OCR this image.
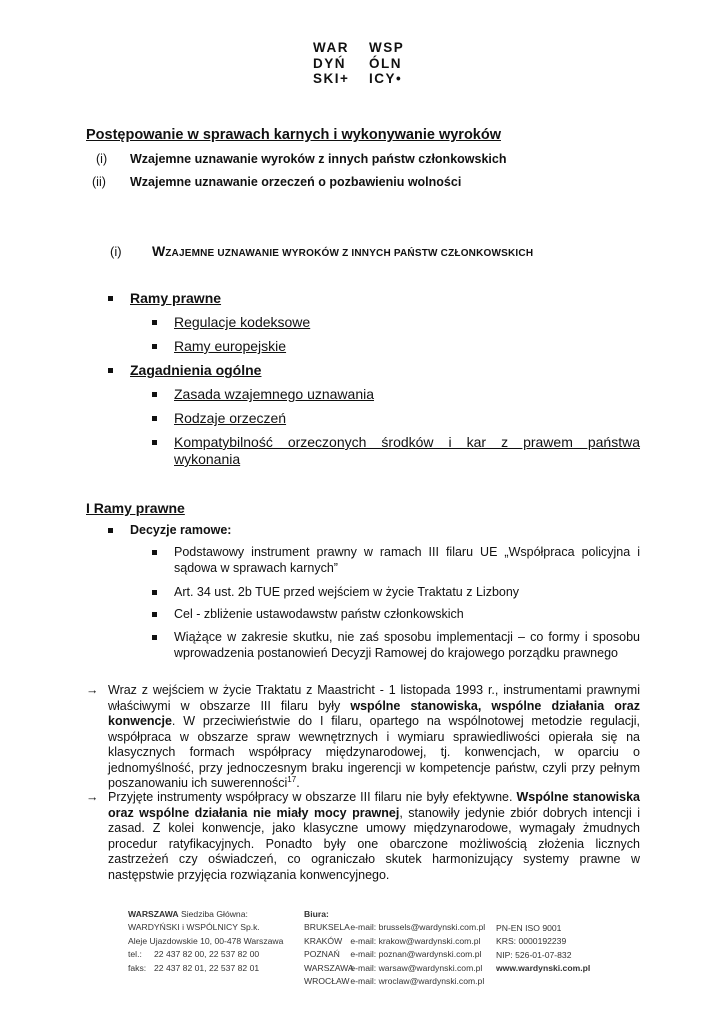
WAR
DYŃ
SKI+
WSP
ÓLN
ICY•
Postępowanie w sprawach karnych i wykonywanie wyroków
(i) Wzajemne uznawanie wyroków z innych państw członkowskich
(ii) Wzajemne uznawanie orzeczeń o pozbawieniu wolności
(i) WZAJEMNE UZNAWANIE WYROKÓW Z INNYCH PAŃSTW CZŁONKOWSKICH
Ramy prawne
Regulacje kodeksowe
Ramy europejskie
Zagadnienia ogólne
Zasada wzajemnego uznawania
Rodzaje orzeczeń
Kompatybilność orzeczonych środków i kar z prawem państwa
wykonania
I Ramy prawne
Decyzje ramowe:
Podstawowy instrument prawny w ramach III filaru UE „Współpraca policyjna i sądowa w sprawach karnych”
Art. 34 ust. 2b TUE przed wejściem w życie Traktatu z Lizbony
Cel - zbliżenie ustawodawstw państw członkowskich
Wiążące w zakresie skutku, nie zaś sposobu implementacji – co formy i sposobu wprowadzenia postanowień Decyzji Ramowej do krajowego porządku prawnego
→ Wraz z wejściem w życie Traktatu z Maastricht - 1 listopada 1993 r., instrumentami prawnymi właściwymi w obszarze III filaru były wspólne stanowiska, wspólne działania oraz konwencje. W przeciwieństwie do I filaru, opartego na wspólnotowej metodzie regulacji, współpraca w obszarze spraw wewnętrznych i wymiaru sprawiedliwości opierała się na klasycznych formach współpracy międzynarodowej, tj. konwencjach, w oparciu o jednomyślność, przy jednoczesnym braku ingerencji w kompetencje państw, czyli przy pełnym poszanowaniu ich suwerenności$^{17}$.
→ Przyjęte instrumenty współpracy w obszarze III filaru nie były efektywne. Wspólne stanowiska oraz wspólne działania nie miały mocy prawnej, stanowiły jedynie zbiór dobrych intencji i zasad. Z kolei konwencje, jako klasyczne umowy międzynarodowe, wymagały żmudnych procedur ratyfikacyjnych. Ponadto były one obarczone możliwością złożenia licznych zastrzeżeń czy oświadczeń, co ograniczało skutek harmonizujący systemy prawne w następstwie przyjęcia rozwiązania konwencyjnego.
WARSZAWA Siedziba Główna:
WARDYŃSKI i WSPÓLNICY Sp.k.
Aleje Ujazdowskie 10, 00-478 Warszawa
tel.: 22 437 82 00, 22 537 82 00
faks: 22 437 82 01, 22 537 82 01
Biura:
BRUKSELA e-mail: brussels@wardynski.com.pl
KRAKÓW e-mail: krakow@wardynski.com.pl
POZNAŃ e-mail: poznan@wardynski.com.pl
WARSZAWA e-mail: warsaw@wardynski.com.pl
WROCŁAW e-mail: wroclaw@wardynski.com.pl
PN-EN ISO 9001
KRS: 0000192239
NIP: 526-01-07-832
www.wardynski.com.pl
